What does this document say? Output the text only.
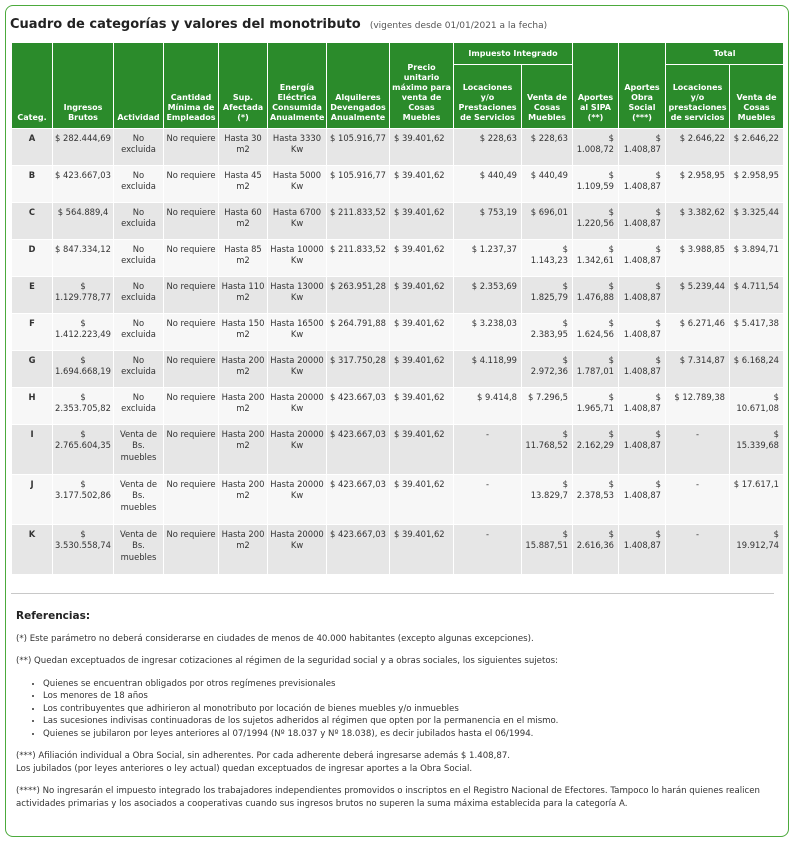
Cuadro de categorías y valores del monotributo (vigentes desde 01/01/2021 a la fecha)
Categ.	Ingresos Brutos	Actividad	Cantidad Mínima de Empleados	Sup. Afectada (*)	Energía Eléctrica Consumida Anualmente	Alquileres Devengados Anualmente	Precio unitario máximo para venta de Cosas Muebles	Impuesto Integrado		Aportes al SIPA (**)	Aportes Obra Social (***)	Total	
								Locaciones y/o Prestaciones de Servicios	Venta de Cosas Muebles			Locaciones y/o prestaciones de servicios	Venta de Cosas Muebles
A	$ 282.444,69	No excluida	No requiere	Hasta 30 m2	Hasta 3330 Kw	$ 105.916,77	$ 39.401,62	$ 228,63	$ 228,63	$ 1.008,72	$ 1.408,87	$ 2.646,22	$ 2.646,22
B	$ 423.667,03	No excluida	No requiere	Hasta 45 m2	Hasta 5000 Kw	$ 105.916,77	$ 39.401,62	$ 440,49	$ 440,49	$ 1.109,59	$ 1.408,87	$ 2.958,95	$ 2.958,95
C	$ 564.889,4	No excluida	No requiere	Hasta 60 m2	Hasta 6700 Kw	$ 211.833,52	$ 39.401,62	$ 753,19	$ 696,01	$ 1.220,56	$ 1.408,87	$ 3.382,62	$ 3.325,44
D	$ 847.334,12	No excluida	No requiere	Hasta 85 m2	Hasta 10000 Kw	$ 211.833,52	$ 39.401,62	$ 1.237,37	$ 1.143,23	$ 1.342,61	$ 1.408,87	$ 3.988,85	$ 3.894,71
E	$ 1.129.778,77	No excluida	No requiere	Hasta 110 m2	Hasta 13000 Kw	$ 263.951,28	$ 39.401,62	$ 2.353,69	$ 1.825,79	$ 1.476,88	$ 1.408,87	$ 5.239,44	$ 4.711,54
F	$ 1.412.223,49	No excluida	No requiere	Hasta 150 m2	Hasta 16500 Kw	$ 264.791,88	$ 39.401,62	$ 3.238,03	$ 2.383,95	$ 1.624,56	$ 1.408,87	$ 6.271,46	$ 5.417,38
G	$ 1.694.668,19	No excluida	No requiere	Hasta 200 m2	Hasta 20000 Kw	$ 317.750,28	$ 39.401,62	$ 4.118,99	$ 2.972,36	$ 1.787,01	$ 1.408,87	$ 7.314,87	$ 6.168,24
H	$ 2.353.705,82	No excluida	No requiere	Hasta 200 m2	Hasta 20000 Kw	$ 423.667,03	$ 39.401,62	$ 9.414,8	$ 7.296,5	$ 1.965,71	$ 1.408,87	$ 12.789,38	$ 10.671,08
I	$ 2.765.604,35	Venta de Bs. muebles	No requiere	Hasta 200 m2	Hasta 20000 Kw	$ 423.667,03	$ 39.401,62	-	$ 11.768,52	$ 2.162,29	$ 1.408,87	-	$ 15.339,68
J	$ 3.177.502,86	Venta de Bs. muebles	No requiere	Hasta 200 m2	Hasta 20000 Kw	$ 423.667,03	$ 39.401,62	-	$ 13.829,7	$ 2.378,53	$ 1.408,87	-	$ 17.617,1
K	$ 3.530.558,74	Venta de Bs. muebles	No requiere	Hasta 200 m2	Hasta 20000 Kw	$ 423.667,03	$ 39.401,62	-	$ 15.887,51	$ 2.616,36	$ 1.408,87	-	$ 19.912,74
Referencias:

(*) Este parámetro no deberá considerarse en ciudades de menos de 40.000 habitantes (excepto algunas excepciones).

(**) Quedan exceptuados de ingresar cotizaciones al régimen de la seguridad social y a obras sociales, los siguientes sujetos:

• Quienes se encuentran obligados por otros regímenes previsionales
• Los menores de 18 años
• Los contribuyentes que adhirieron al monotributo por locación de bienes muebles y/o inmuebles
• Las sucesiones indivisas continuadoras de los sujetos adheridos al régimen que opten por la permanencia en el mismo.
• Quienes se jubilaron por leyes anteriores al 07/1994 (Nº 18.037 y Nº 18.038), es decir jubilados hasta el 06/1994.

(***) Afiliación individual a Obra Social, sin adherentes. Por cada adherente deberá ingresarse además $ 1.408,87.
Los jubilados (por leyes anteriores o ley actual) quedan exceptuados de ingresar aportes a la Obra Social.

(****) No ingresarán el impuesto integrado los trabajadores independientes promovidos o inscriptos en el Registro Nacional de Efectores. Tampoco lo harán quienes realicen actividades primarias y los asociados a cooperativas cuando sus ingresos brutos no superen la suma máxima establecida para la categoría A.
